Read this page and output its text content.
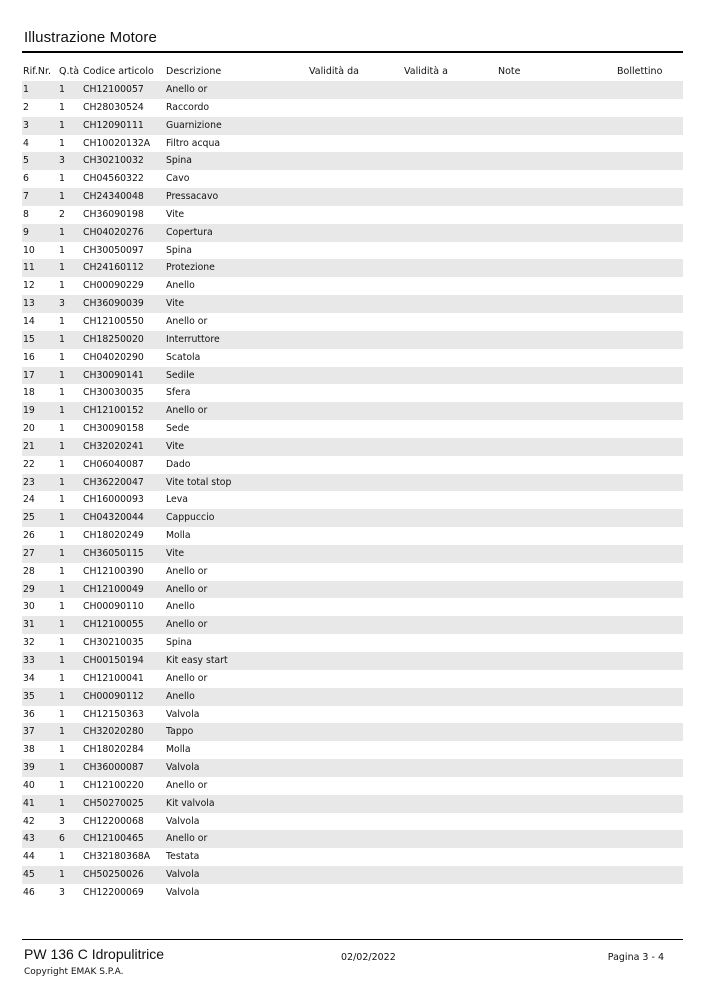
Illustrazione Motore
Rif.Nr. Q.tà Codice articolo Descrizione	Validità da	Validità a	Note	Bollettino
1	1 CH12100057 Anello or
2	1 CH28030524 Raccordo
3	1 CH12090111 Guarnizione
4	1 CH10020132A Filtro acqua
5	3 CH30210032 Spina
6	1 CH04560322 Cavo
7	1 CH24340048 Pressacavo
8	2 CH36090198 Vite
9	1 CH04020276 Copertura
10	1 CH30050097 Spina
11	1 CH24160112 Protezione
12	1 CH00090229 Anello
13	3 CH36090039 Vite
14	1 CH12100550 Anello or
15	1 CH18250020 Interruttore
16	1 CH04020290 Scatola
17	1 CH30090141 Sedile
18	1 CH30030035 Sfera
19	1 CH12100152 Anello or
20	1 CH30090158 Sede
21	1 CH32020241 Vite
22	1 CH06040087 Dado
23	1 CH36220047 Vite total stop
24	1 CH16000093 Leva
25	1 CH04320044 Cappuccio
26	1 CH18020249 Molla
27	1 CH36050115 Vite
28	1 CH12100390 Anello or
29	1 CH12100049 Anello or
30	1 CH00090110 Anello
31	1 CH12100055 Anello or
32	1 CH30210035 Spina
33	1 CH00150194 Kit easy start
34	1 CH12100041 Anello or
35	1 CH00090112 Anello
36	1 CH12150363 Valvola
37	1 CH32020280 Tappo
38	1 CH18020284 Molla
39	1 CH36000087 Valvola
40	1 CH12100220 Anello or
41	1 CH50270025 Kit valvola
42	3 CH12200068 Valvola
43	6 CH12100465 Anello or
44	1 CH32180368A Testata
45	1 CH50250026 Valvola
46	3 CH12200069 Valvola
PW 136 C Idropulitrice	02/02/2022	Pagina 3 - 4
Copyright EMAK S.P.A.
